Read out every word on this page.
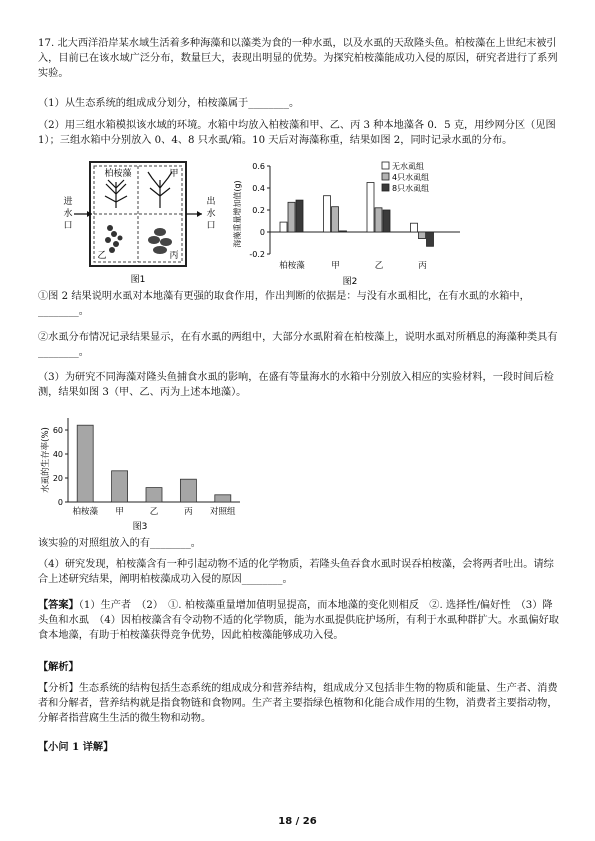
17. 北大西洋沿岸某水域生活着多种海藻和以藻类为食的一种水虱，以及水虱的天敌隆头鱼。柏桉藻在上世纪末被引入，目前已在该水域广泛分布，数量巨大，表现出明显的优势。为探究柏桉藻能成功入侵的原因，研究者进行了系列实验。
（1）从生态系统的组成成分划分，柏桉藻属于________。
（2）用三组水箱模拟该水域的环境。水箱中均放入柏桉藻和甲、乙、丙 3 种本地藻各 0．5 克，用纱网分区（见图 1）；三组水箱中分别放入 0、4、8 只水虱/箱。10 天后对海藻称重，结果如图 2，同时记录水虱的分布。
柏桉藻	甲
乙	丙
进水口
出水口
图1
海藻重量增加值(g)
0.6
0.4
0.2
0
-0.2
柏桉藻	甲	乙	丙
无水虱组
4只水虱组
8只水虱组
图2
①图 2 结果说明水虱对本地藻有更强的取食作用，作出判断的依据是：与没有水虱相比，在有水虱的水箱中，________。
②水虱分布情况记录结果显示，在有水虱的两组中，大部分水虱附着在柏桉藻上，说明水虱对所栖息的海藻种类具有________。
（3）为研究不同海藻对隆头鱼捕食水虱的影响，在盛有等量海水的水箱中分别放入相应的实验材料，一段时间后检测，结果如图 3（甲、乙、丙为上述本地藻）。
水虱的生存率(%) 60
40
20
0
柏桉藻 甲	乙	丙 对照组
图3
该实验的对照组放入的有________。
（4）研究发现，柏桉藻含有一种引起动物不适的化学物质，若隆头鱼吞食水虱时误吞柏桉藻，会将两者吐出。请综合上述研究结果，阐明柏桉藻成功入侵的原因________。
【答案】（1）生产者　（2）　①. 柏桉藻重量增加值明显提高，而本地藻的变化则相反　②. 选择性/偏好性　（3）降头鱼和水虱　（4）因柏桉藻含有令动物不适的化学物质，能为水虱提供庇护场所，有利于水虱种群扩大。水虱偏好取食本地藻，有助于柏桉藻获得竞争优势，因此柏桉藻能够成功入侵。
【解析】
【分析】生态系统的结构包括生态系统的组成成分和营养结构，组成成分又包括非生物的物质和能量、生产者、消费者和分解者，营养结构就是指食物链和食物网。生产者主要指绿色植物和化能合成作用的生物，消费者主要指动物，分解者指营腐生生活的微生物和动物。
【小问 1 详解】
18 / 26
